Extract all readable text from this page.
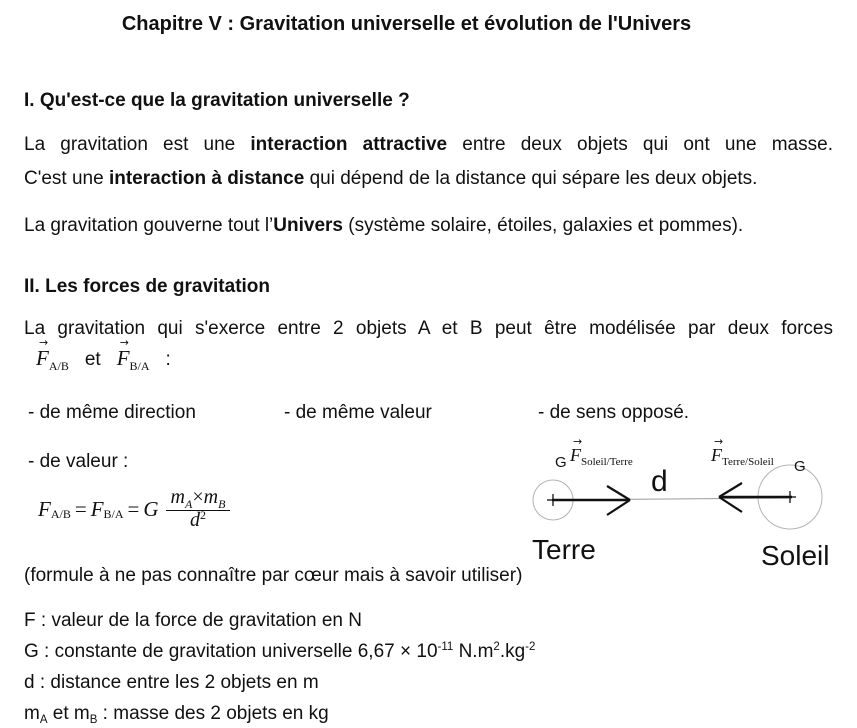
Chapitre V : Gravitation universelle et évolution de l'Univers
I. Qu'est-ce que la gravitation universelle ?
La gravitation est une interaction attractive entre deux objets qui ont une masse.
C'est une interaction à distance qui dépend de la distance qui sépare les deux objets.
La gravitation gouverne tout l’Univers (système solaire, étoiles, galaxies et pommes).
II. Les forces de gravitation
La gravitation qui s'exerce entre 2 objets A et B peut être modélisée par deux forces
→
$F_{A/B}$ et
→
$F_{B/A}$ :
- de même direction	- de même valeur	- de sens opposé.
- de valeur :
F A/B = F B/A = G $\frac{m_A\times m_B}{d^2}$
(formule à ne pas connaître par cœur mais à savoir utiliser)
F : valeur de la force de gravitation en N
G : constante de gravitation universelle $6,67 \times 10^{-11}$ $N.m^2.kg^{-2}$
d : distance entre les 2 objets en m
$m_A$ et $m_B$ : masse des 2 objets en kg
G
→
$F_{Soleil/Terre}$
d
→
$F_{Terre/Soleil}$ G
Terre	Soleil
